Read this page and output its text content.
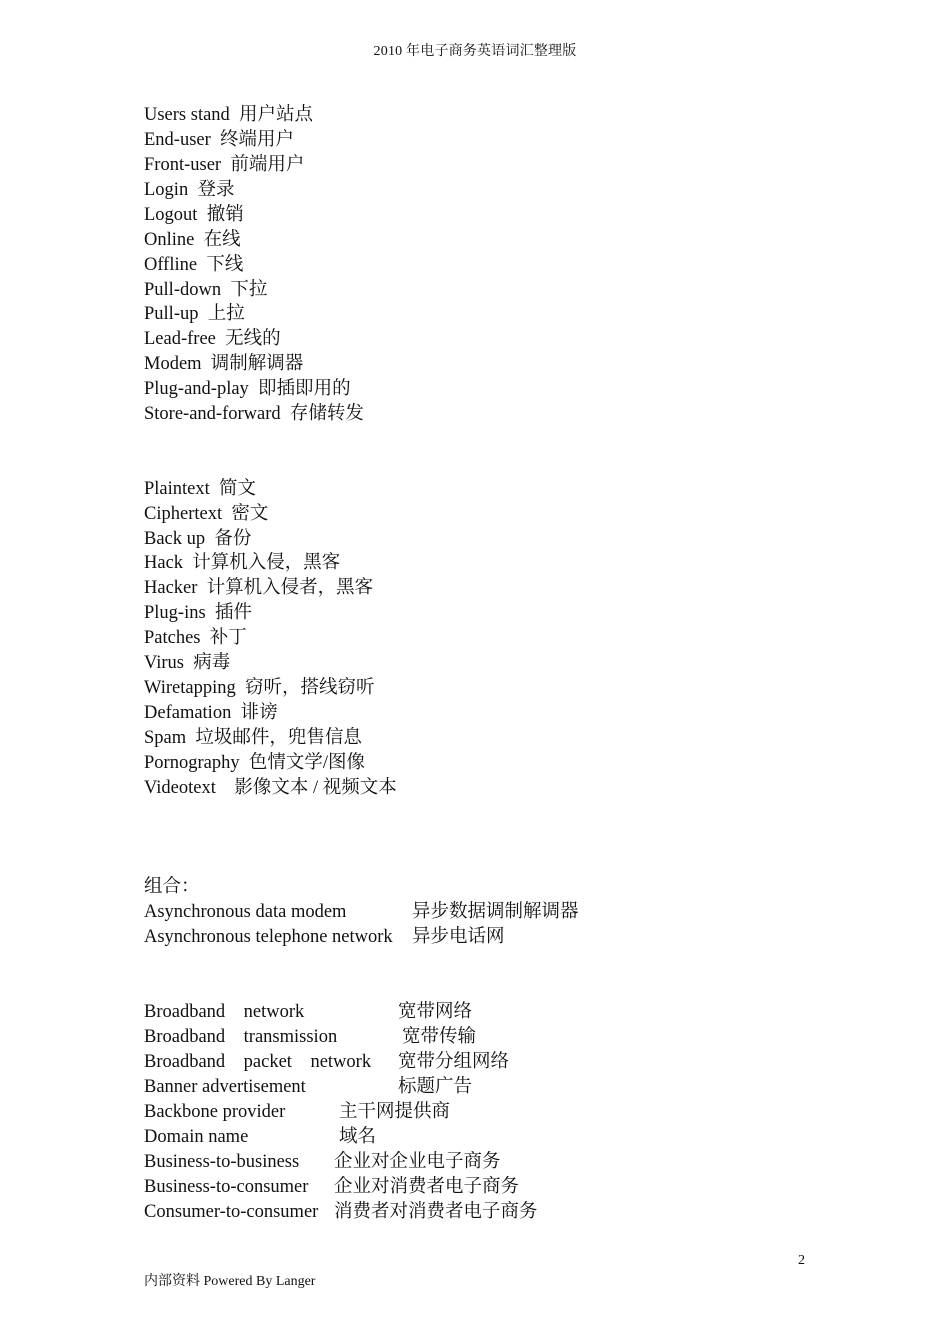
2010 年电子商务英语词汇整理版
Users stand  用户站点
End-user  终端用户
Front-user  前端用户
Login  登录
Logout  撤销
Online  在线
Offline  下线
Pull-down  下拉
Pull-up  上拉
Lead-free  无线的
Modem  调制解调器
Plug-and-play  即插即用的
Store-and-forward  存储转发
Plaintext  简文
Ciphertext  密文
Back up  备份
Hack  计算机入侵，黑客
Hacker  计算机入侵者，黑客
Plug-ins  插件
Patches  补丁
Virus  病毒
Wiretapping  窃听，搭线窃听
Defamation  诽谤
Spam  垃圾邮件，兜售信息
Pornography  色情文学/图像
Videotext    影像文本 / 视频文本
组合：
Asynchronous data modem	异步数据调制解调器
Asynchronous telephone network 异步电话网
Broadband    network	宽带网络
Broadband    transmission	宽带传输
Broadband    packet    network 宽带分组网络
Banner advertisement	标题广告
Backbone provider	主干网提供商
Domain name	域名
Business-to-business 企业对企业电子商务
Business-to-consumer 企业对消费者电子商务
Consumer-to-consumer 消费者对消费者电子商务
2
内部资料 Powered By Langer
